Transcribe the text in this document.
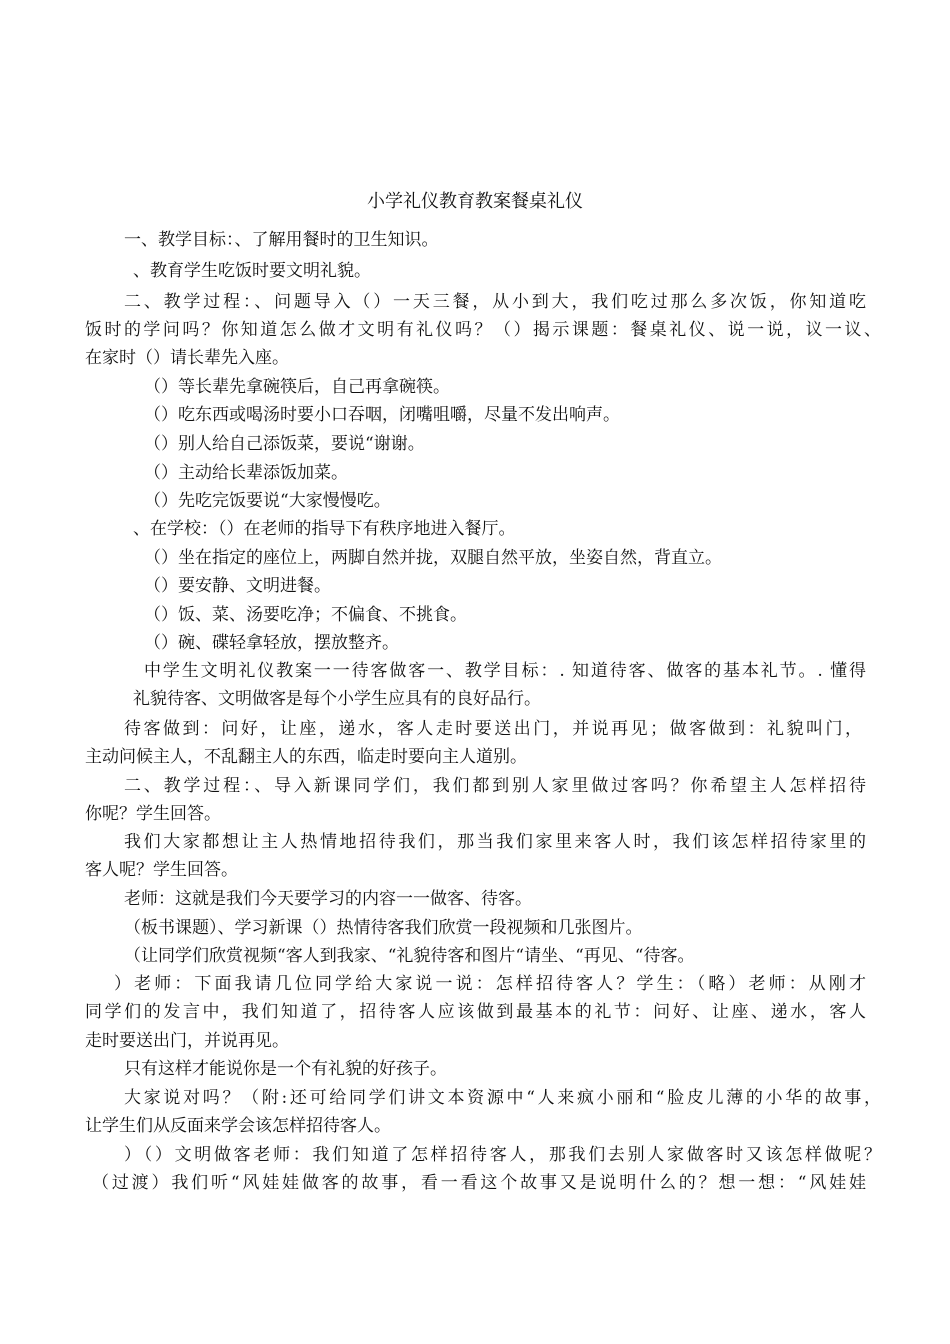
小学礼仪教育教案餐桌礼仪
一、教学目标：、了解用餐时的卫生知识。
、教育学生吃饭时要文明礼貌。
二、教学过程：、问题导入（）一天三餐，从小到大，我们吃过那么多次饭，你知道吃
饭时的学问吗？你知道怎么做才文明有礼仪吗？（）揭示课题：餐桌礼仪、说一说，议一议、
在家时（）请长辈先入座。
（）等长辈先拿碗筷后，自己再拿碗筷。
（）吃东西或喝汤时要小口吞咽，闭嘴咀嚼，尽量不发出响声。
（）别人给自己添饭菜，要说“谢谢。
（）主动给长辈添饭加菜。
（）先吃完饭要说“大家慢慢吃。
、在学校：（）在老师的指导下有秩序地进入餐厅。
（）坐在指定的座位上，两脚自然并拢，双腿自然平放，坐姿自然，背直立。
（）要安静、文明进餐。
（）饭、菜、汤要吃净；不偏食、不挑食。
（）碗、碟轻拿轻放，摆放整齐。
中学生文明礼仪教案一一待客做客一、教学目标：. 知道待客、做客的基本礼节。. 懂得
礼貌待客、文明做客是每个小学生应具有的良好品行。
待客做到：问好，让座，递水，客人走时要送出门，并说再见；做客做到：礼貌叫门，
主动问候主人，不乱翻主人的东西，临走时要向主人道别。
二、教学过程：、导入新课同学们，我们都到别人家里做过客吗？你希望主人怎样招待
你呢？学生回答。
我们大家都想让主人热情地招待我们，那当我们家里来客人时，我们该怎样招待家里的
客人呢？学生回答。
老师：这就是我们今天要学习的内容一一做客、待客。
（板书课题）、学习新课（）热情待客我们欣赏一段视频和几张图片。
（让同学们欣赏视频“客人到我家、“礼貌待客和图片“请坐、“再见、“待客。
）老师：下面我请几位同学给大家说一说：怎样招待客人？学生：（略）老师：从刚才
同学们的发言中，我们知道了，招待客人应该做到最基本的礼节：问好、让座、递水，客人
走时要送出门，并说再见。
只有这样才能说你是一个有礼貌的好孩子。
大家说对吗？（附:还可给同学们讲文本资源中“人来疯小丽和“脸皮儿薄的小华的故事，
让学生们从反面来学会该怎样招待客人。
）（）文明做客老师：我们知道了怎样招待客人，那我们去别人家做客时又该怎样做呢？
（过渡）我们听“风娃娃做客的故事，看一看这个故事又是说明什么的？想一想：“风娃娃
